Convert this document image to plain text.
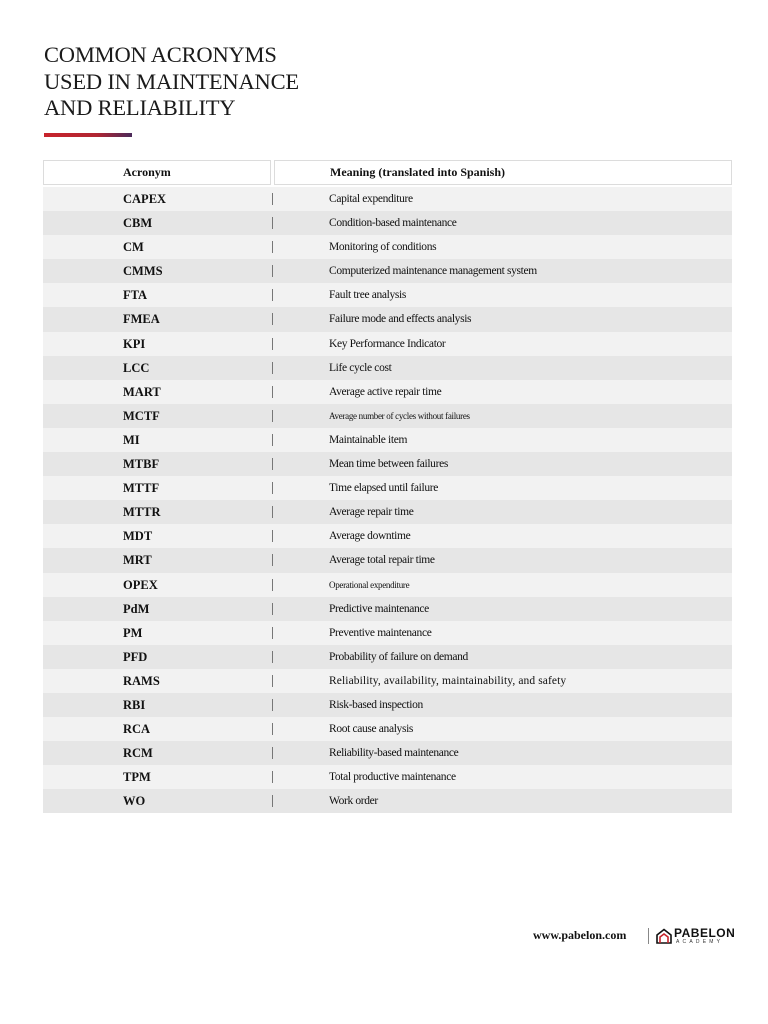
COMMON ACRONYMS
USED IN MAINTENANCE
AND RELIABILITY
Acronym	Meaning (translated into Spanish)
CAPEX	Capital expenditure
CBM	Condition-based maintenance
CM	Monitoring of conditions
CMMS	Computerized maintenance management system
FTA	Fault tree analysis
FMEA	Failure mode and effects analysis
KPI	Key Performance Indicator
LCC	Life cycle cost
MART	Average active repair time
MCTF	Average number of cycles without failures
MI	Maintainable item
MTBF	Mean time between failures
MTTF	Time elapsed until failure
MTTR	Average repair time
MDT	Average downtime
MRT	Average total repair time
OPEX	Operational expenditure
PdM	Predictive maintenance
PM	Preventive maintenance
PFD	Probability of failure on demand
RAMS	Reliability, availability, maintainability, and safety
RBI	Risk-based inspection
RCA	Root cause analysis
RCM	Reliability-based maintenance
TPM	Total productive maintenance
WO	Work order
www.pabelon.com	PABELON
ACADEMY
